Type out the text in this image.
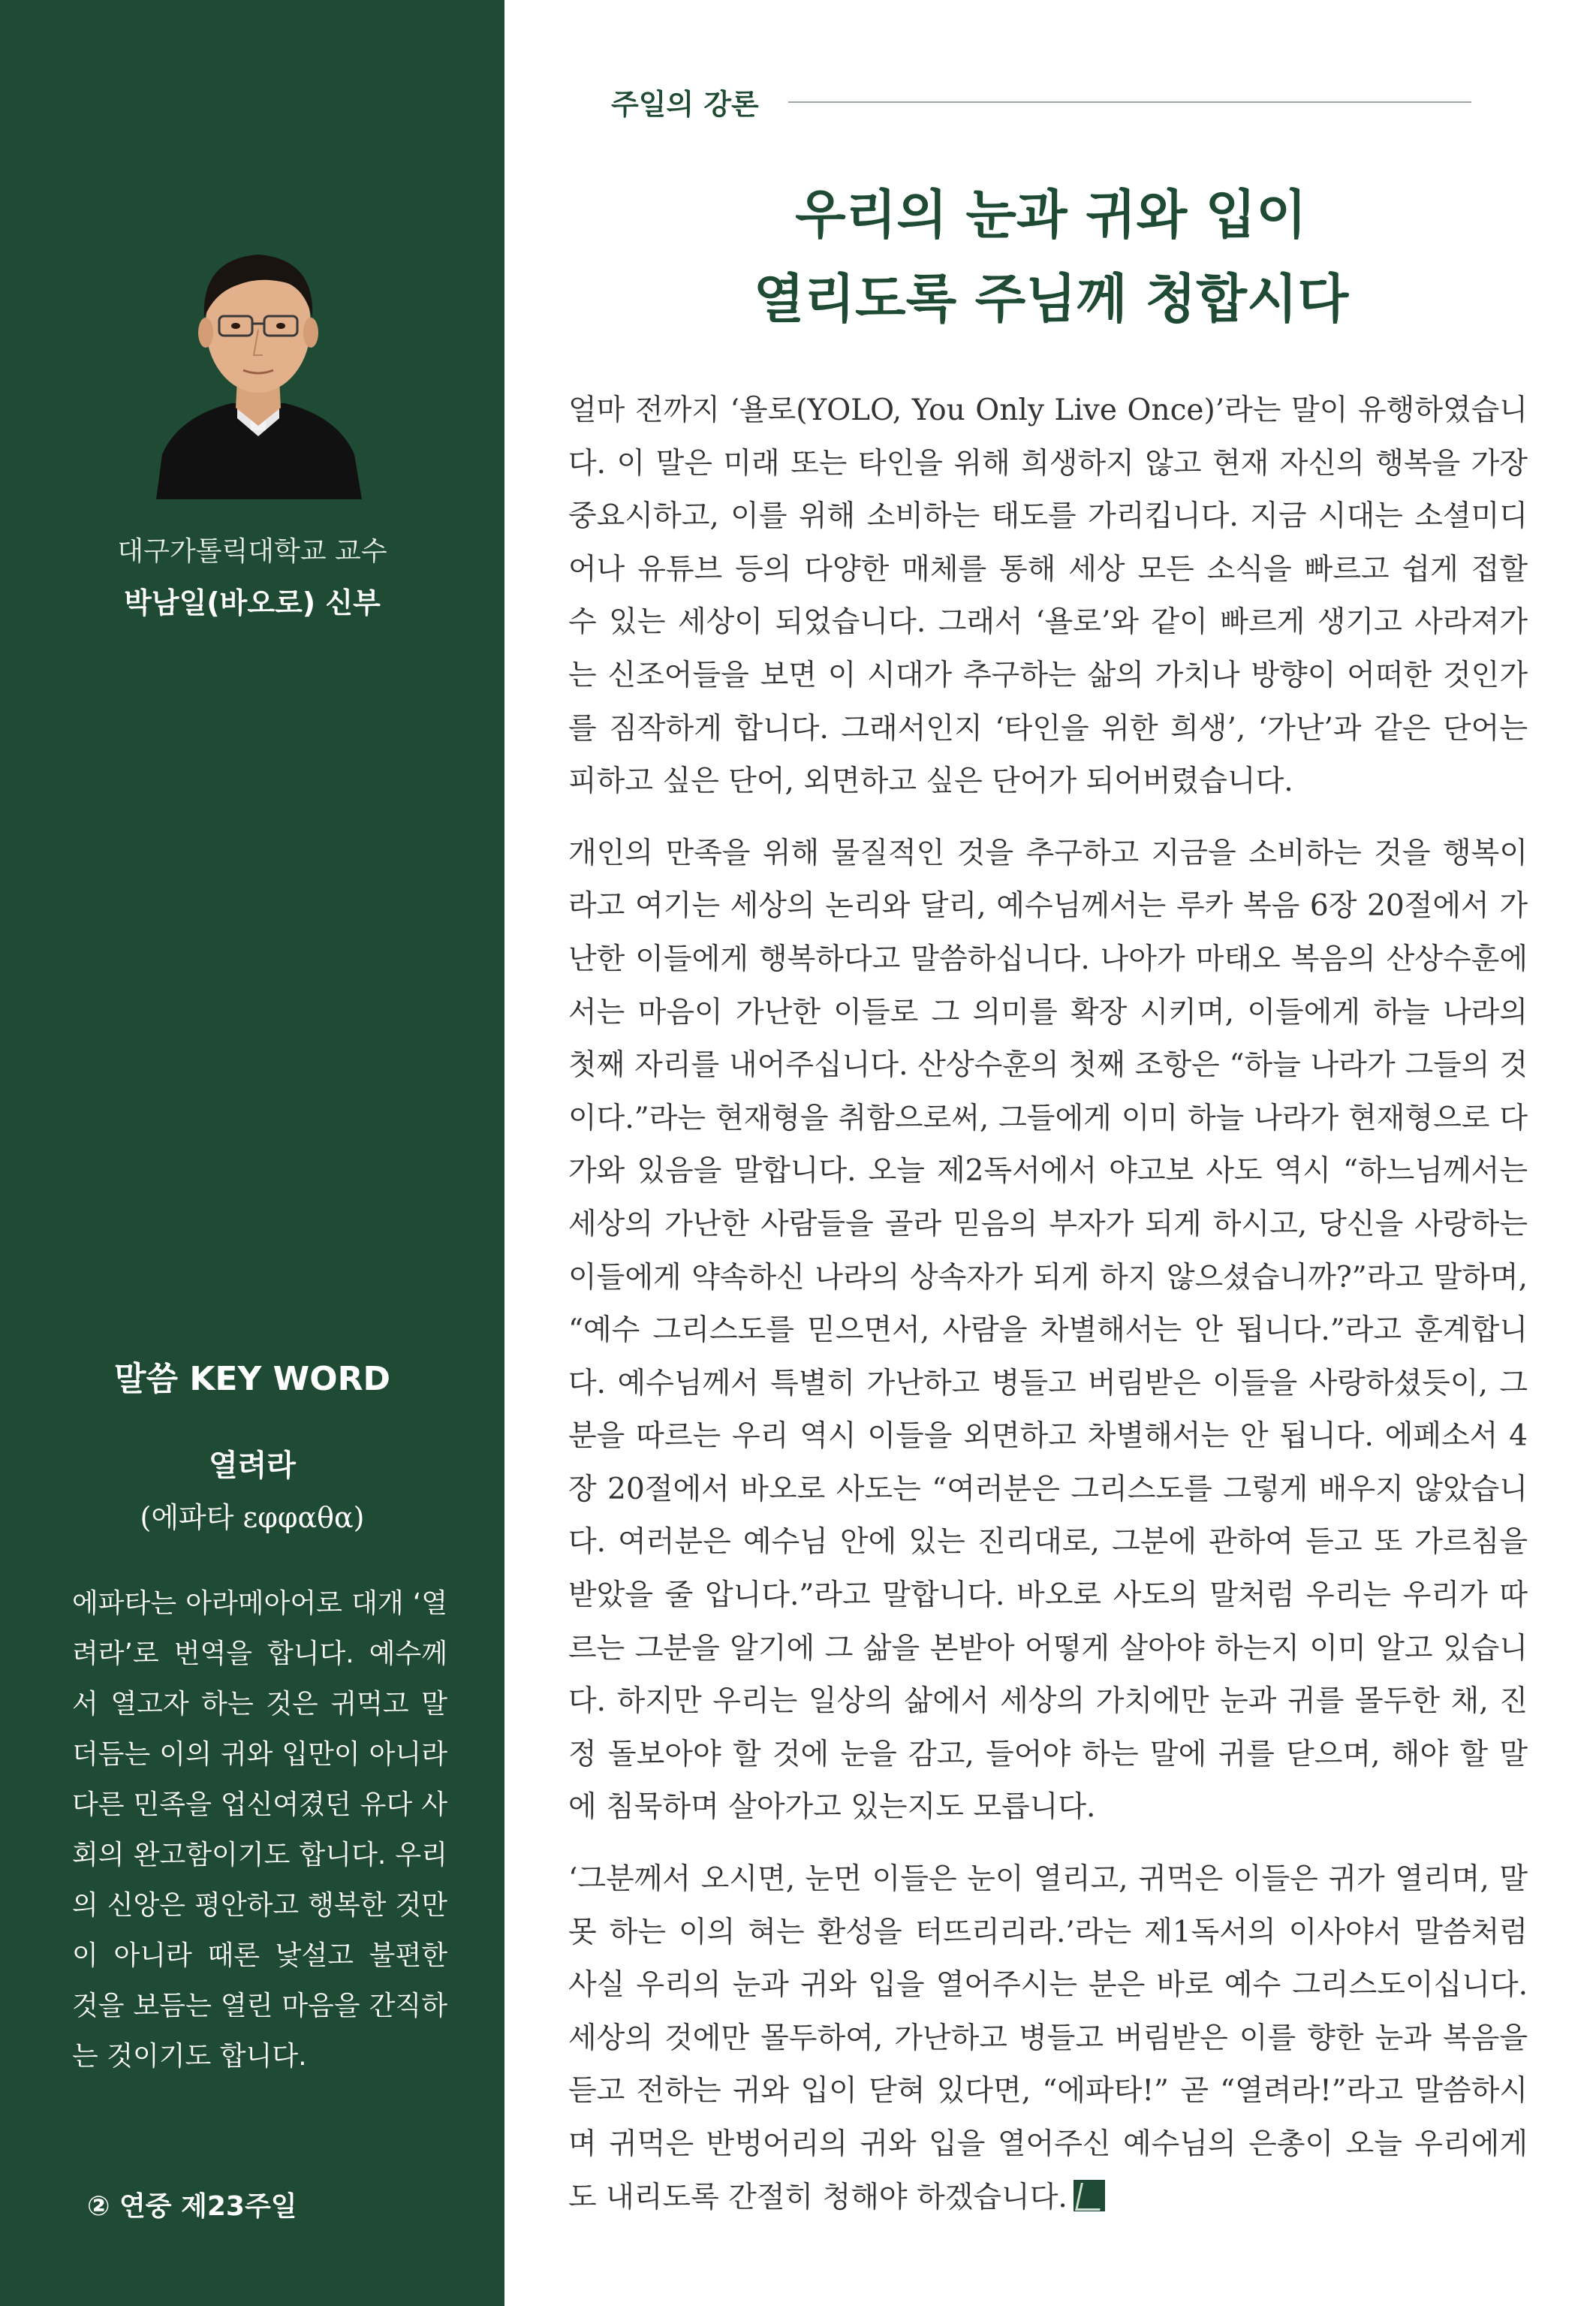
대구가톨릭대학교 교수
박남일(바오로) 신부
말씀 KEY WORD
열려라
(에파타 εφφαθα)
에파타는 아라메아어로 대개 ‘열려라’로 번역을 합니다. 예수께서 열고자 하는 것은 귀먹고 말 더듬는 이의 귀와 입만이 아니라 다른 민족을 업신여겼던 유다 사회의 완고함이기도 합니다. 우리의 신앙은 평안하고 행복한 것만이 아니라 때론 낯설고 불편한 것을 보듬는 열린 마음을 간직하는 것이기도 합니다.
② 연중 제23주일
주일의 강론
우리의 눈과 귀와 입이
열리도록 주님께 청합시다

얼마 전까지 ‘욜로(YOLO, You Only Live Once)’라는 말이 유행하였습니다. 이 말은 미래 또는 타인을 위해 희생하지 않고 현재 자신의 행복을 가장 중요시하고, 이를 위해 소비하는 태도를 가리킵니다. 지금 시대는 소셜미디어나 유튜브 등의 다양한 매체를 통해 세상 모든 소식을 빠르고 쉽게 접할 수 있는 세상이 되었습니다. 그래서 ‘욜로’와 같이 빠르게 생기고 사라져가는 신조어들을 보면 이 시대가 추구하는 삶의 가치나 방향이 어떠한 것인가를 짐작하게 합니다. 그래서인지 ‘타인을 위한 희생’, ‘가난’과 같은 단어는 피하고 싶은 단어, 외면하고 싶은 단어가 되어버렸습니다.

개인의 만족을 위해 물질적인 것을 추구하고 지금을 소비하는 것을 행복이라고 여기는 세상의 논리와 달리, 예수님께서는 루카 복음 6장 20절에서 가난한 이들에게 행복하다고 말씀하십니다. 나아가 마태오 복음의 산상수훈에서는 마음이 가난한 이들로 그 의미를 확장 시키며, 이들에게 하늘 나라의 첫째 자리를 내어주십니다. 산상수훈의 첫째 조항은 “하늘 나라가 그들의 것이다.”라는 현재형을 취함으로써, 그들에게 이미 하늘 나라가 현재형으로 다가와 있음을 말합니다. 오늘 제2독서에서 야고보 사도 역시 “하느님께서는 세상의 가난한 사람들을 골라 믿음의 부자가 되게 하시고, 당신을 사랑하는 이들에게 약속하신 나라의 상속자가 되게 하지 않으셨습니까?”라고 말하며, “예수 그리스도를 믿으면서, 사람을 차별해서는 안 됩니다.”라고 훈계합니다. 예수님께서 특별히 가난하고 병들고 버림받은 이들을 사랑하셨듯이, 그분을 따르는 우리 역시 이들을 외면하고 차별해서는 안 됩니다. 에페소서 4장 20절에서 바오로 사도는 “여러분은 그리스도를 그렇게 배우지 않았습니다. 여러분은 예수님 안에 있는 진리대로, 그분에 관하여 듣고 또 가르침을 받았을 줄 압니다.”라고 말합니다. 바오로 사도의 말처럼 우리는 우리가 따르는 그분을 알기에 그 삶을 본받아 어떻게 살아야 하는지 이미 알고 있습니다. 하지만 우리는 일상의 삶에서 세상의 가치에만 눈과 귀를 몰두한 채, 진정 돌보아야 할 것에 눈을 감고, 들어야 하는 말에 귀를 닫으며, 해야 할 말에 침묵하며 살아가고 있는지도 모릅니다.

‘그분께서 오시면, 눈먼 이들은 눈이 열리고, 귀먹은 이들은 귀가 열리며, 말 못 하는 이의 혀는 환성을 터뜨리리라.’라는 제1독서의 이사야서 말씀처럼 사실 우리의 눈과 귀와 입을 열어주시는 분은 바로 예수 그리스도이십니다. 세상의 것에만 몰두하여, 가난하고 병들고 버림받은 이를 향한 눈과 복음을 듣고 전하는 귀와 입이 닫혀 있다면, “에파타!” 곧 “열려라!”라고 말씀하시며 귀먹은 반벙어리의 귀와 입을 열어주신 예수님의 은총이 오늘 우리에게도 내리도록 간절히 청해야 하겠습니다.
